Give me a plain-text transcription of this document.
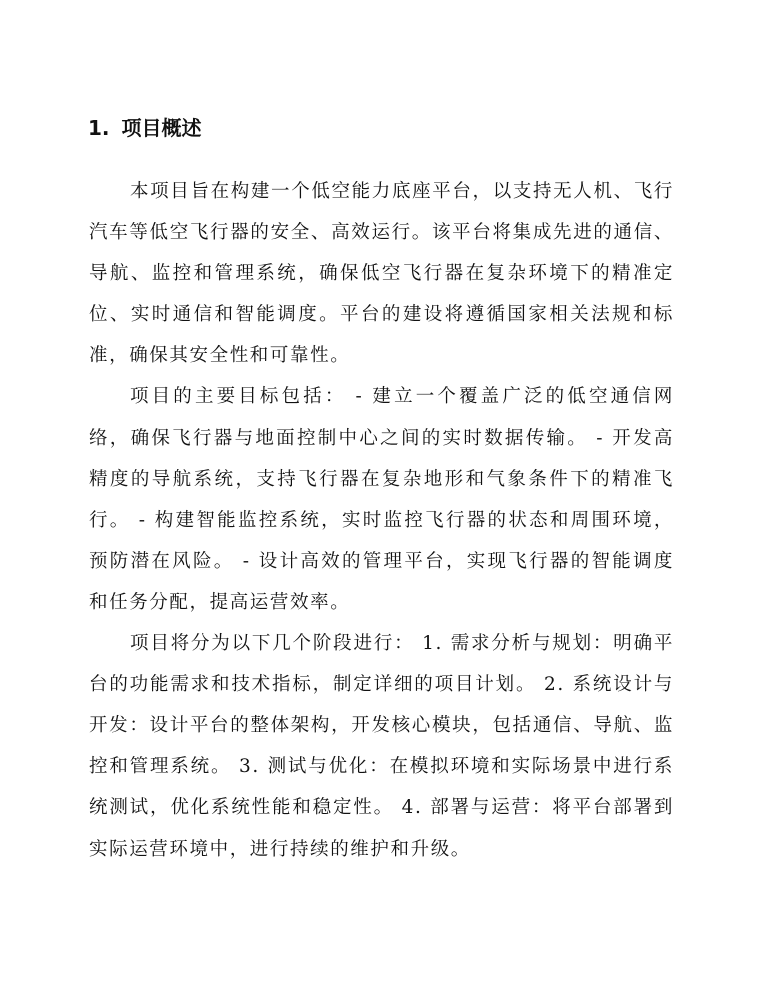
1. 项目概述

本项目旨在构建一个低空能力底座平台，以支持无人机、飞行汽车等低空飞行器的安全、高效运行。该平台将集成先进的通信、导航、监控和管理系统，确保低空飞行器在复杂环境下的精准定位、实时通信和智能调度。平台的建设将遵循国家相关法规和标准，确保其安全性和可靠性。

项目的主要目标包括： - 建立一个覆盖广泛的低空通信网络，确保飞行器与地面控制中心之间的实时数据传输。 - 开发高精度的导航系统，支持飞行器在复杂地形和气象条件下的精准飞行。 - 构建智能监控系统，实时监控飞行器的状态和周围环境，预防潜在风险。 - 设计高效的管理平台，实现飞行器的智能调度和任务分配，提高运营效率。

项目将分为以下几个阶段进行： 1. 需求分析与规划：明确平台的功能需求和技术指标，制定详细的项目计划。 2. 系统设计与开发：设计平台的整体架构，开发核心模块，包括通信、导航、监控和管理系统。 3. 测试与优化：在模拟环境和实际场景中进行系统测试，优化系统性能和稳定性。 4. 部署与运营：将平台部署到实际运营环境中，进行持续的维护和升级。
